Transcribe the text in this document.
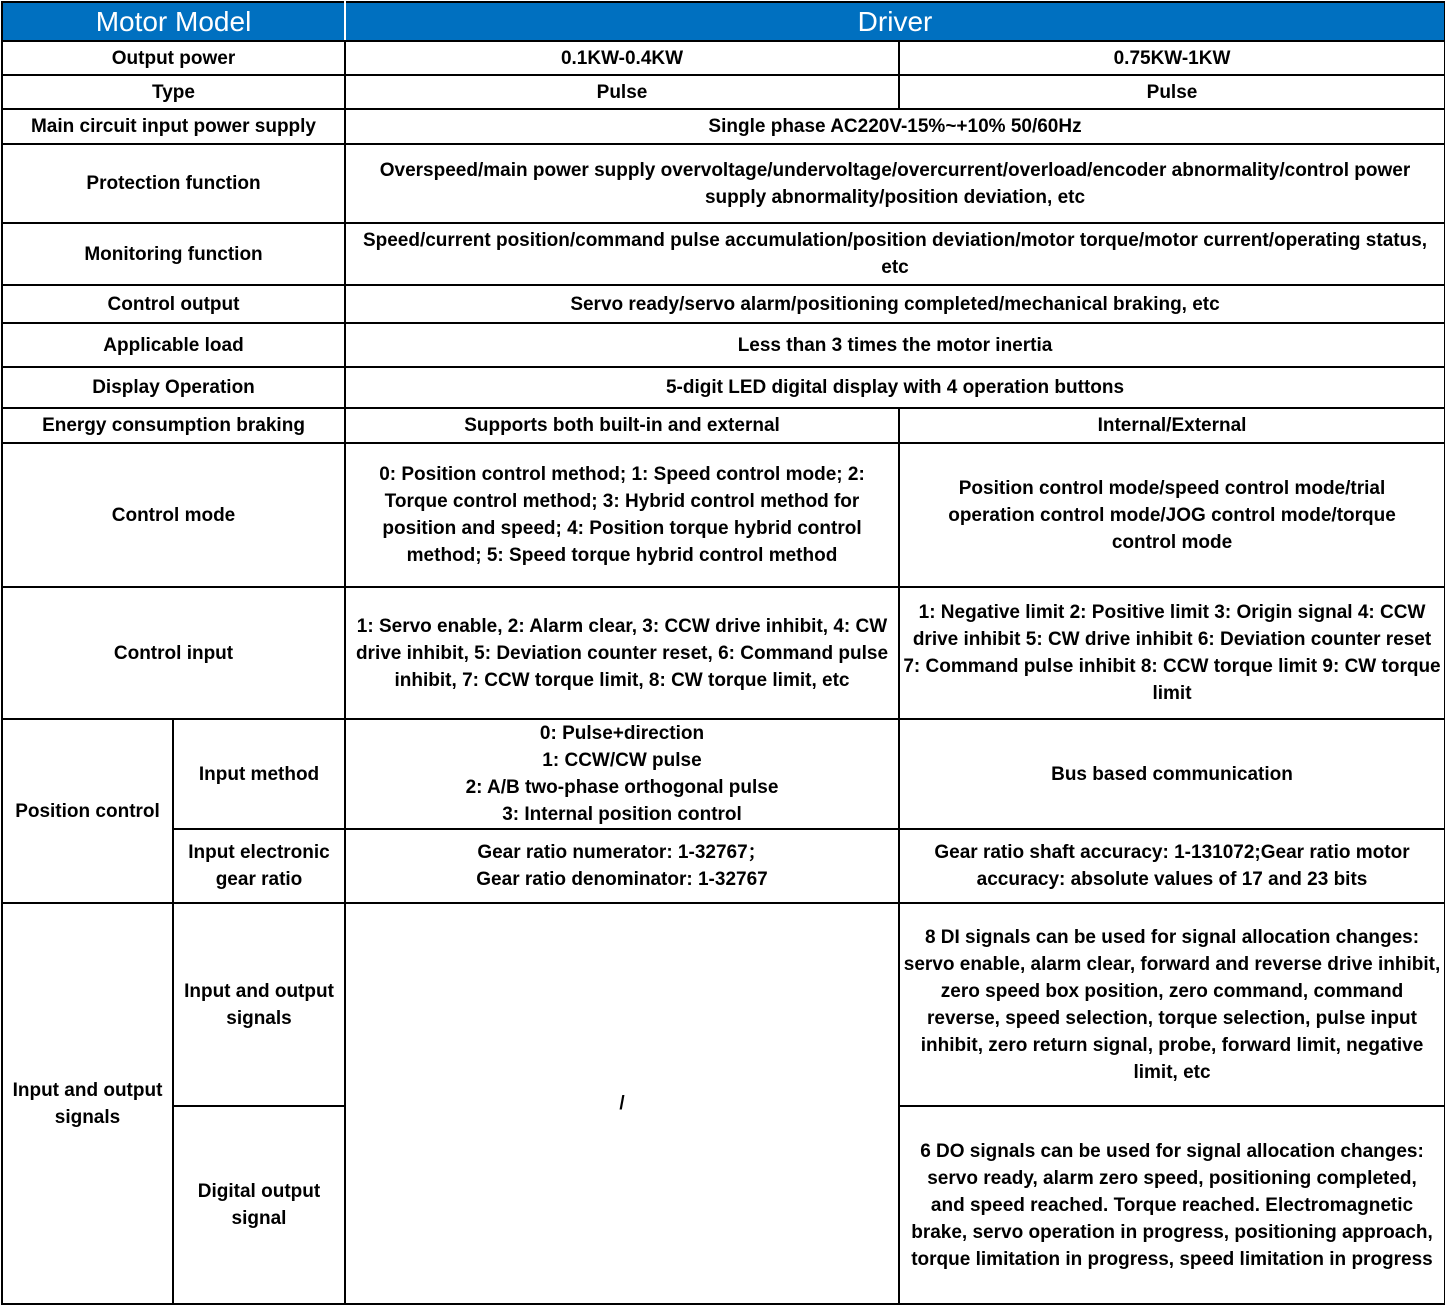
Motor Model		Driver	
Output power		0.1KW-0.4KW	0.75KW-1KW
Type		Pulse	Pulse
Main circuit input power supply		Single phase AC220V-15%~+10% 50/60Hz	
Protection function		Overspeed/main power supply overvoltage/undervoltage/overcurrent/overload/encoder abnormality/control power supply abnormality/position deviation, etc	
Monitoring function		Speed/current position/command pulse accumulation/position deviation/motor torque/motor current/operating status, etc	
Control output		Servo ready/servo alarm/positioning completed/mechanical braking, etc	
Applicable load		Less than 3 times the motor inertia	
Display Operation		5-digit LED digital display with 4 operation buttons	
Energy consumption braking		Supports both built-in and external	Internal/External
Control mode		0: Position control method; 1: Speed control mode; 2: Torque control method; 3: Hybrid control method for position and speed; 4: Position torque hybrid control method; 5: Speed torque hybrid control method	Position control mode/speed control mode/trial operation control mode/JOG control mode/torque control mode
Control input		1: Servo enable, 2: Alarm clear, 3: CCW drive inhibit, 4: CW drive inhibit, 5: Deviation counter reset, 6: Command pulse inhibit, 7: CCW torque limit, 8: CW torque limit, etc	1: Negative limit 2: Positive limit 3: Origin signal 4: CCW drive inhibit 5: CW drive inhibit 6: Deviation counter reset 7: Command pulse inhibit 8: CCW torque limit 9: CW torque limit
Position control	Input method	0: Pulse+direction
1: CCW/CW pulse
2: A/B two-phase orthogonal pulse
3: Internal position control	Bus based communication
	Input electronic gear ratio	Gear ratio numerator: 1-32767；
Gear ratio denominator: 1-32767	Gear ratio shaft accuracy: 1-131072;Gear ratio motor accuracy: absolute values of 17 and 23 bits
Input and output signals	Input and output signals	/	8 DI signals can be used for signal allocation changes: servo enable, alarm clear, forward and reverse drive inhibit, zero speed box position, zero command, command reverse, speed selection, torque selection, pulse input inhibit, zero return signal, probe, forward limit, negative limit, etc
	Digital output signal		6 DO signals can be used for signal allocation changes: servo ready, alarm zero speed, positioning completed, and speed reached. Torque reached. Electromagnetic brake, servo operation in progress, positioning approach, torque limitation in progress, speed limitation in progress
